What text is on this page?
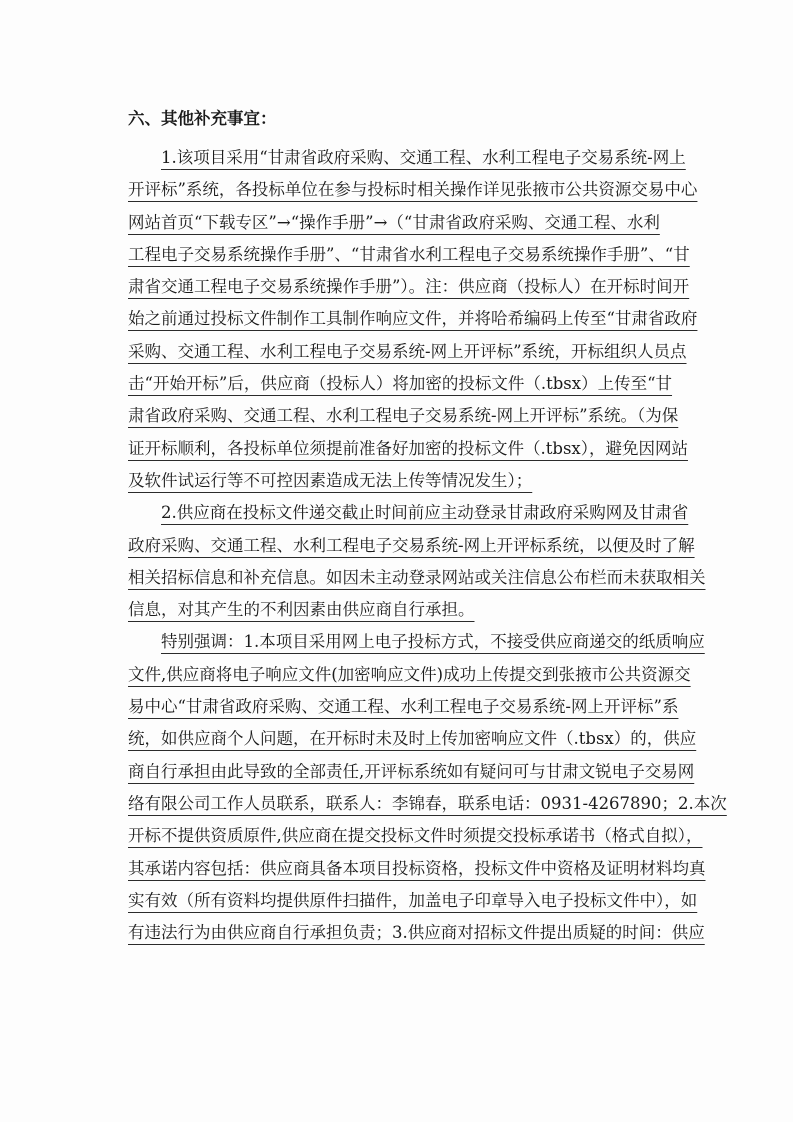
六、其他补充事宜：

1.该项目采用“甘肃省政府采购、交通工程、水利工程电子交易系统-网上
开评标”系统，各投标单位在参与投标时相关操作详见张掖市公共资源交易中心
网站首页“下载专区”→“操作手册”→（“甘肃省政府采购、交通工程、水利
工程电子交易系统操作手册”、“甘肃省水利工程电子交易系统操作手册”、“甘
肃省交通工程电子交易系统操作手册”）。注：供应商（投标人）在开标时间开
始之前通过投标文件制作工具制作响应文件，并将哈希编码上传至“甘肃省政府
采购、交通工程、水利工程电子交易系统-网上开评标”系统，开标组织人员点
击“开始开标”后，供应商（投标人）将加密的投标文件（.tbsx）上传至“甘
肃省政府采购、交通工程、水利工程电子交易系统-网上开评标”系统。（为保
证开标顺利，各投标单位须提前准备好加密的投标文件（.tbsx），避免因网站
及软件试运行等不可控因素造成无法上传等情况发生）；

2.供应商在投标文件递交截止时间前应主动登录甘肃政府采购网及甘肃省
政府采购、交通工程、水利工程电子交易系统-网上开评标系统，以便及时了解
相关招标信息和补充信息。如因未主动登录网站或关注信息公布栏而未获取相关
信息，对其产生的不利因素由供应商自行承担。

特别强调：1.本项目采用网上电子投标方式，不接受供应商递交的纸质响应
文件,供应商将电子响应文件(加密响应文件)成功上传提交到张掖市公共资源交
易中心“甘肃省政府采购、交通工程、水利工程电子交易系统-网上开评标”系
统，如供应商个人问题，在开标时未及时上传加密响应文件（.tbsx）的，供应
商自行承担由此导致的全部责任,开评标系统如有疑问可与甘肃文锐电子交易网
络有限公司工作人员联系，联系人：李锦春，联系电话：0931-4267890；2.本次
开标不提供资质原件,供应商在提交投标文件时须提交投标承诺书（格式自拟），
其承诺内容包括：供应商具备本项目投标资格，投标文件中资格及证明材料均真
实有效（所有资料均提供原件扫描件，加盖电子印章导入电子投标文件中），如
有违法行为由供应商自行承担负责；3.供应商对招标文件提出质疑的时间：供应
